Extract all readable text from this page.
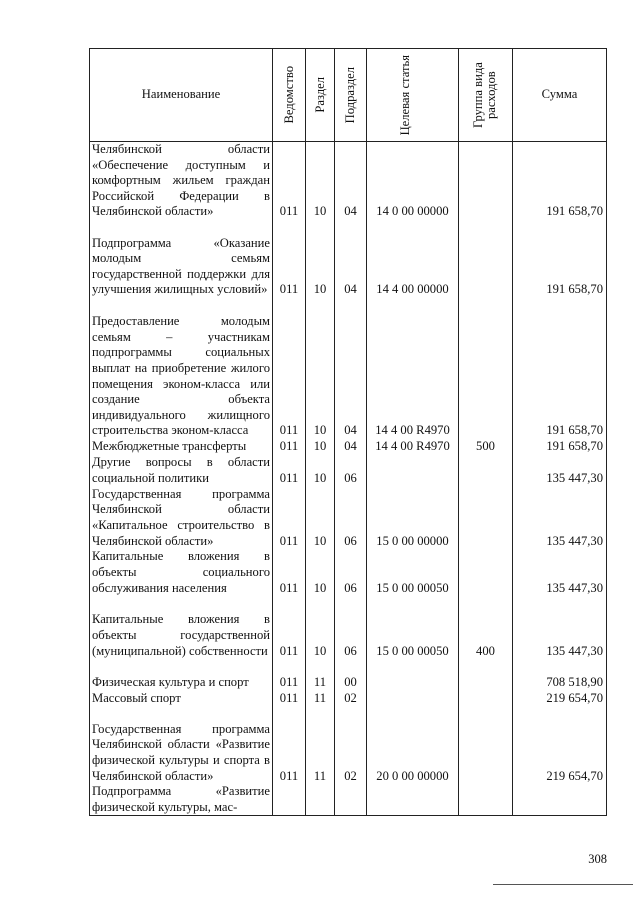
Наименование	Ведомство	Раздел	Подраздел	Целевая статья	Группа вида расходов	Сумма
Челябинской области «Обеспечение доступным и комфортным жильем граждан Российской Федерации в Челябинской области»	011	10	04	14 0 00 00000		191 658,70
Подпрограмма «Оказание молодым семьям государственной поддержки для улучшения жилищных условий»	011	10	04	14 4 00 00000		191 658,70
Предоставление молодым семьям – участникам подпрограммы социальных выплат на приобретение жилого помещения эконом-класса или создание объекта индивидуального жилищного строительства эконом-класса	011	10	04	14 4 00 R4970		191 658,70
Межбюджетные трансферты	011	10	04	14 4 00 R4970	500	191 658,70
Другие вопросы в области социальной политики	011	10	06			135 447,30
Государственная программа Челябинской области «Капитальное строительство в Челябинской области»	011	10	06	15 0 00 00000		135 447,30
Капитальные вложения в объекты социального обслуживания населения	011	10	06	15 0 00 00050		135 447,30
Капитальные вложения в объекты государственной (муниципальной) собственности	011	10	06	15 0 00 00050	400	135 447,30
Физическая культура и спорт	011	11	00			708 518,90
Массовый спорт	011	11	02			219 654,70
Государственная программа Челябинской области «Развитие физической культуры и спорта в Челябинской области»	011	11	02	20 0 00 00000		219 654,70
Подпрограмма «Развитие физической культуры, мас-						
308
